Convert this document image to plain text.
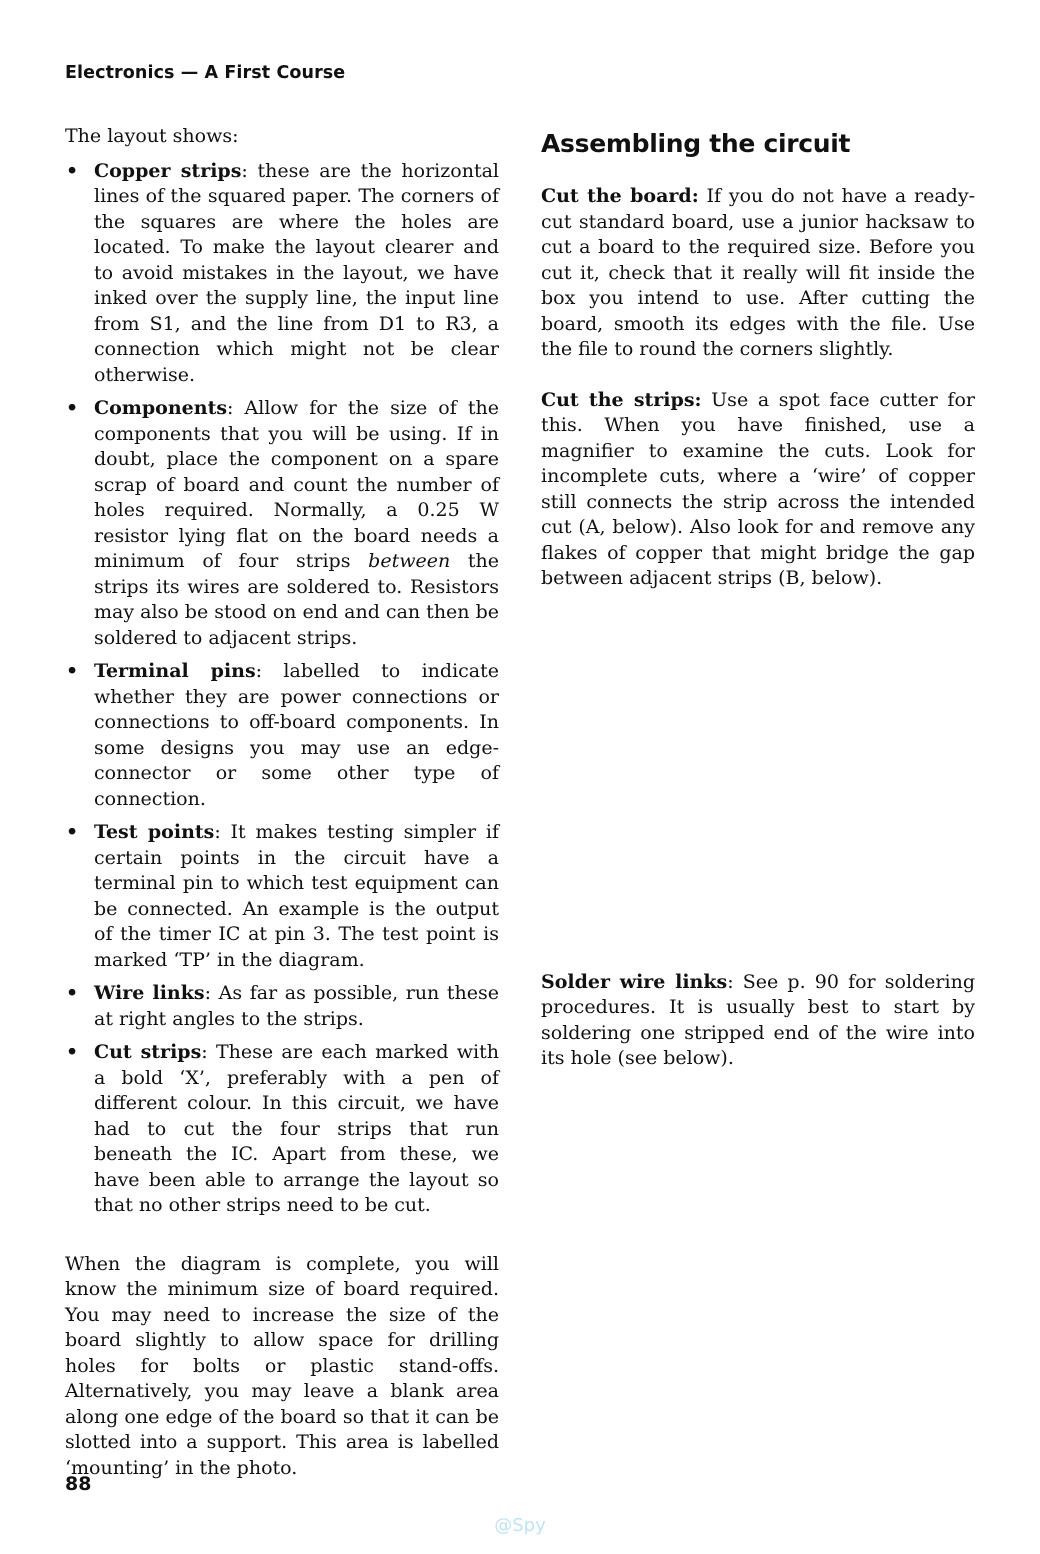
Electronics — A First Course

The layout shows:

• Copper strips: these are the horizontal lines of the squared paper. The corners of the squares are where the holes are located. To make the layout clearer and to avoid mistakes in the layout, we have inked over the supply line, the input line from S1, and the line from D1 to R3, a connection which might not be clear otherwise.
• Components: Allow for the size of the components that you will be using. If in doubt, place the component on a spare scrap of board and count the number of holes required. Normally, a 0.25 W resistor lying flat on the board needs a minimum of four strips between the strips its wires are soldered to. Resistors may also be stood on end and can then be soldered to adjacent strips.
• Terminal pins: labelled to indicate whether they are power connections or connections to off-board components. In some designs you may use an edge-connector or some other type of connection.
• Test points: It makes testing simpler if certain points in the circuit have a terminal pin to which test equipment can be connected. An example is the output of the timer IC at pin 3. The test point is marked ‘TP’ in the diagram.
• Wire links: As far as possible, run these at right angles to the strips.
• Cut strips: These are each marked with a bold ‘X’, preferably with a pen of different colour. In this circuit, we have had to cut the four strips that run beneath the IC. Apart from these, we have been able to arrange the layout so that no other strips need to be cut.

When the diagram is complete, you will know the minimum size of board required. You may need to increase the size of the board slightly to allow space for drilling holes for bolts or plastic stand-offs. Alternatively, you may leave a blank area along one edge of the board so that it can be slotted into a support. This area is labelled ‘mounting’ in the photo.

Assembling the circuit

Cut the board: If you do not have a ready-cut standard board, use a junior hacksaw to cut a board to the required size. Before you cut it, check that it really will fit inside the box you intend to use. After cutting the board, smooth its edges with the file. Use the file to round the corners slightly.

Cut the strips: Use a spot face cutter for this. When you have finished, use a magnifier to examine the cuts. Look for incomplete cuts, where a ‘wire’ of copper still connects the strip across the intended cut (A, below). Also look for and remove any flakes of copper that might bridge the gap between adjacent strips (B, below).

Solder wire links: See p. 90 for soldering procedures. It is usually best to start by soldering one stripped end of the wire into its hole (see below).

88
@Spy
